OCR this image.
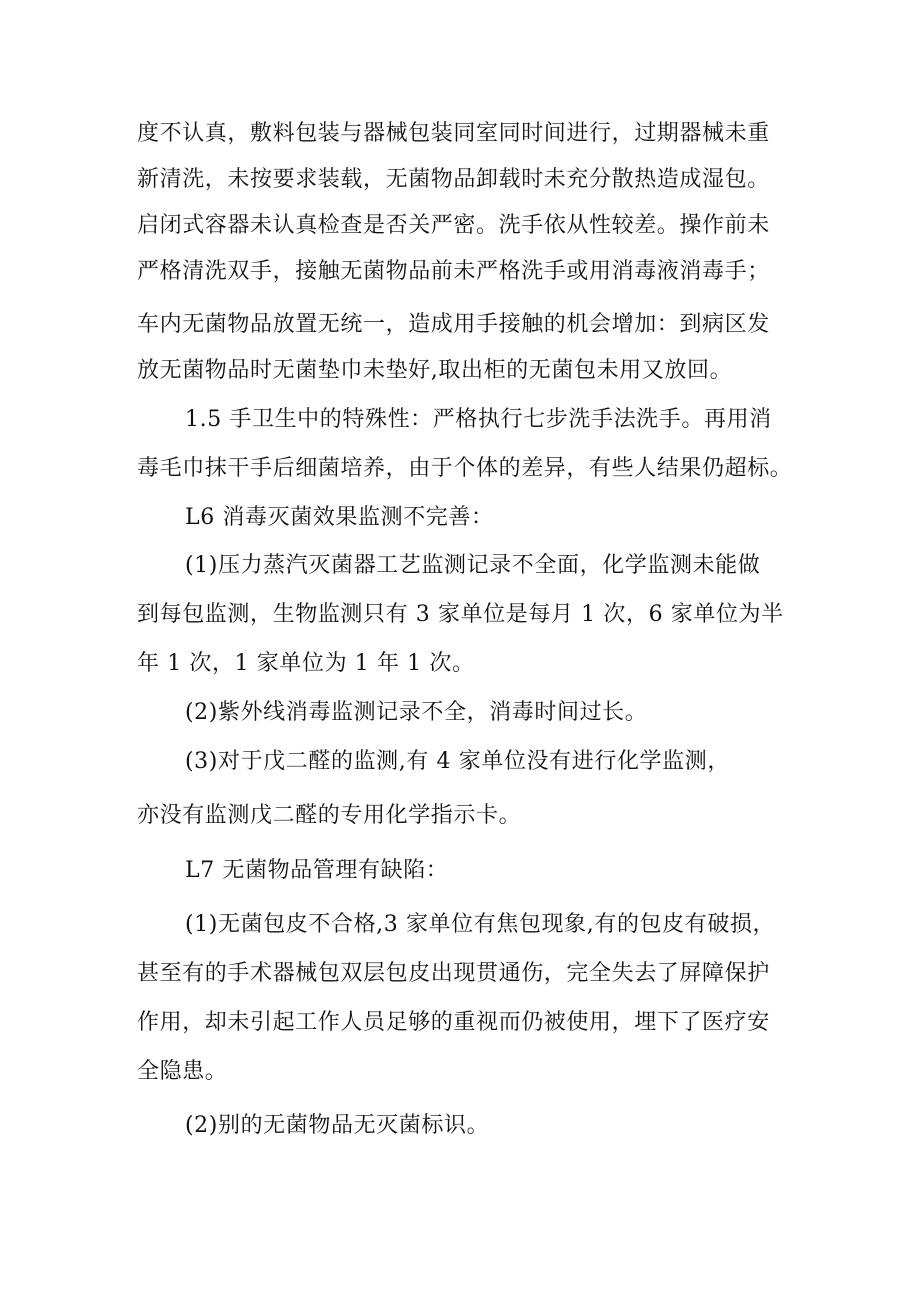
度不认真，敷料包装与器械包装同室同时间进行，过期器械未重
新清洗，未按要求装载，无菌物品卸载时未充分散热造成湿包。
启闭式容器未认真检查是否关严密。洗手依从性较差。操作前未
严格清洗双手，接触无菌物品前未严格洗手或用消毒液消毒手；
车内无菌物品放置无统一，造成用手接触的机会增加：到病区发
放无菌物品时无菌垫巾未垫好,取出柜的无菌包未用又放回。
1.5 手卫生中的特殊性：严格执行七步洗手法洗手。再用消
毒毛巾抹干手后细菌培养，由于个体的差异，有些人结果仍超标。
L6 消毒灭菌效果监测不完善：
(1)压力蒸汽灭菌器工艺监测记录不全面，化学监测未能做
到每包监测，生物监测只有 3 家单位是每月 1 次，6 家单位为半
年 1 次，1 家单位为 1 年 1 次。
(2)紫外线消毒监测记录不全，消毒时间过长。
(3)对于戊二醛的监测,有 4 家单位没有进行化学监测，
亦没有监测戊二醛的专用化学指示卡。
L7 无菌物品管理有缺陷：
(1)无菌包皮不合格,3 家单位有焦包现象,有的包皮有破损，
甚至有的手术器械包双层包皮出现贯通伤，完全失去了屏障保护
作用，却未引起工作人员足够的重视而仍被使用，埋下了医疗安
全隐患。
(2)别的无菌物品无灭菌标识。
